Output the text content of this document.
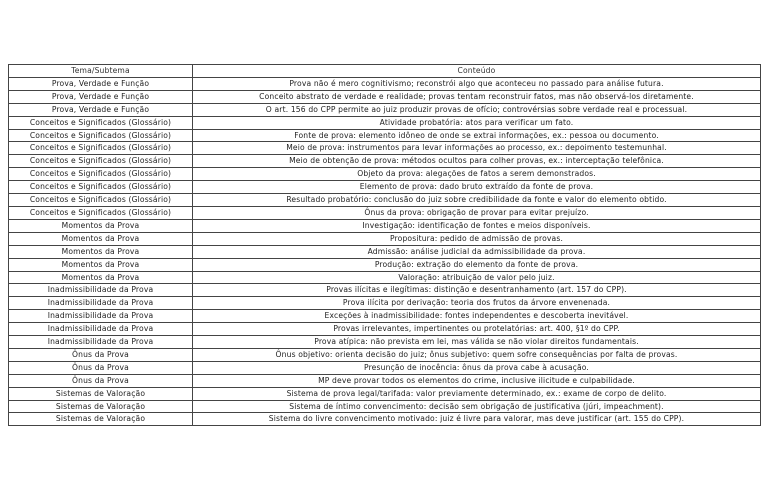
Tema/Subtema	Conteúdo
Prova, Verdade e Função	Prova não é mero cognitivismo; reconstrói algo que aconteceu no passado para análise futura.
Prova, Verdade e Função	Conceito abstrato de verdade e realidade; provas tentam reconstruir fatos, mas não observá-los diretamente.
Prova, Verdade e Função	O art. 156 do CPP permite ao juiz produzir provas de ofício; controvérsias sobre verdade real e processual.
Conceitos e Significados (Glossário)	Atividade probatória: atos para verificar um fato.
Conceitos e Significados (Glossário)	Fonte de prova: elemento idôneo de onde se extrai informações, ex.: pessoa ou documento.
Conceitos e Significados (Glossário)	Meio de prova: instrumentos para levar informações ao processo, ex.: depoimento testemunhal.
Conceitos e Significados (Glossário)	Meio de obtenção de prova: métodos ocultos para colher provas, ex.: interceptação telefônica.
Conceitos e Significados (Glossário)	Objeto da prova: alegações de fatos a serem demonstrados.
Conceitos e Significados (Glossário)	Elemento de prova: dado bruto extraído da fonte de prova.
Conceitos e Significados (Glossário)	Resultado probatório: conclusão do juiz sobre credibilidade da fonte e valor do elemento obtido.
Conceitos e Significados (Glossário)	Ônus da prova: obrigação de provar para evitar prejuízo.
Momentos da Prova	Investigação: identificação de fontes e meios disponíveis.
Momentos da Prova	Propositura: pedido de admissão de provas.
Momentos da Prova	Admissão: análise judicial da admissibilidade da prova.
Momentos da Prova	Produção: extração do elemento da fonte de prova.
Momentos da Prova	Valoração: atribuição de valor pelo juiz.
Inadmissibilidade da Prova	Provas ilícitas e ilegítimas: distinção e desentranhamento (art. 157 do CPP).
Inadmissibilidade da Prova	Prova ilícita por derivação: teoria dos frutos da árvore envenenada.
Inadmissibilidade da Prova	Exceções à inadmissibilidade: fontes independentes e descoberta inevitável.
Inadmissibilidade da Prova	Provas irrelevantes, impertinentes ou protelatórias: art. 400, §1º do CPP.
Inadmissibilidade da Prova	Prova atípica: não prevista em lei, mas válida se não violar direitos fundamentais.
Ônus da Prova	Ônus objetivo: orienta decisão do juiz; ônus subjetivo: quem sofre consequências por falta de provas.
Ônus da Prova	Presunção de inocência: ônus da prova cabe à acusação.
Ônus da Prova	MP deve provar todos os elementos do crime, inclusive ilicitude e culpabilidade.
Sistemas de Valoração	Sistema de prova legal/tarifada: valor previamente determinado, ex.: exame de corpo de delito.
Sistemas de Valoração	Sistema de íntimo convencimento: decisão sem obrigação de justificativa (júri, impeachment).
Sistemas de Valoração	Sistema do livre convencimento motivado: juiz é livre para valorar, mas deve justificar (art. 155 do CPP).
